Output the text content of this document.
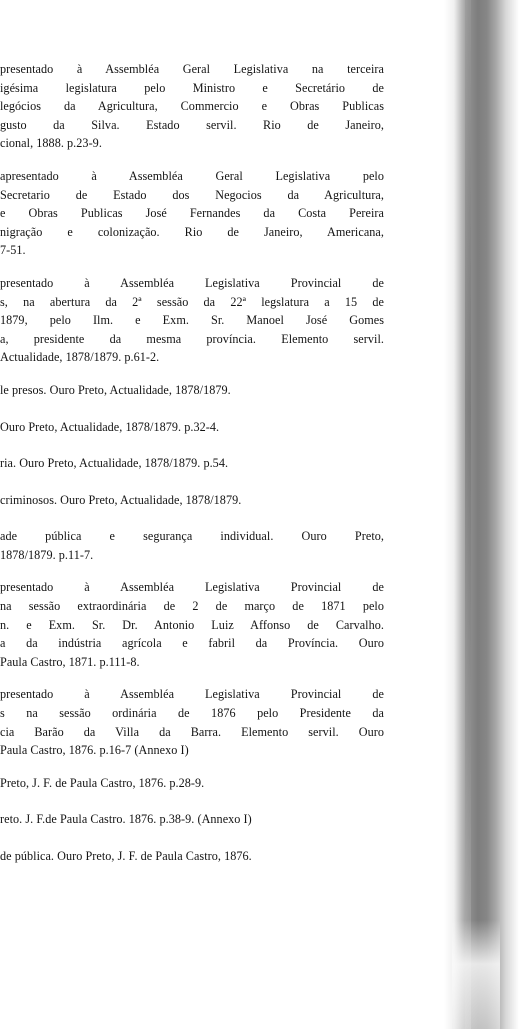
presentado à Assembléa Geral Legislativa na terceira
igésima legislatura pelo Ministro e Secretário de
legócios da Agricultura, Commercio e Obras Publicas
gusto da Silva. Estado servil. Rio de Janeiro,
cional, 1888. p.23-9.
apresentado à Assembléa Geral Legislativa pelo
Secretario de Estado dos Negocios da Agricultura,
e Obras Publicas José Fernandes da Costa Pereira
nigração e colonização. Rio de Janeiro, Americana,
7-51.
presentado à Assembléa Legislativa Provincial de
s, na abertura da 2ª sessão da 22ª legslatura a 15 de
1879, pelo Ilm. e Exm. Sr. Manoel José Gomes
a, presidente da mesma província. Elemento servil.
Actualidade, 1878/1879. p.61-2.
le presos. Ouro Preto, Actualidade, 1878/1879.
Ouro Preto, Actualidade, 1878/1879. p.32-4.
ria. Ouro Preto, Actualidade, 1878/1879. p.54.
criminosos. Ouro Preto, Actualidade, 1878/1879.
ade pública e segurança individual. Ouro Preto,
1878/1879. p.11-7.
presentado à Assembléa Legislativa Provincial de
na sessão extraordinária de 2 de março de 1871 pelo
n. e Exm. Sr. Dr. Antonio Luiz Affonso de Carvalho.
a da indústria agrícola e fabril da Província. Ouro
Paula Castro, 1871. p.111-8.
presentado à Assembléa Legislativa Provincial de
s na sessão ordinária de 1876 pelo Presidente da
cia Barão da Villa da Barra. Elemento servil. Ouro
Paula Castro, 1876. p.16-7 (Annexo I)
Preto, J. F. de Paula Castro, 1876. p.28-9.
reto. J. F.de Paula Castro. 1876. p.38-9. (Annexo I)
de pública. Ouro Preto, J. F. de Paula Castro, 1876.
